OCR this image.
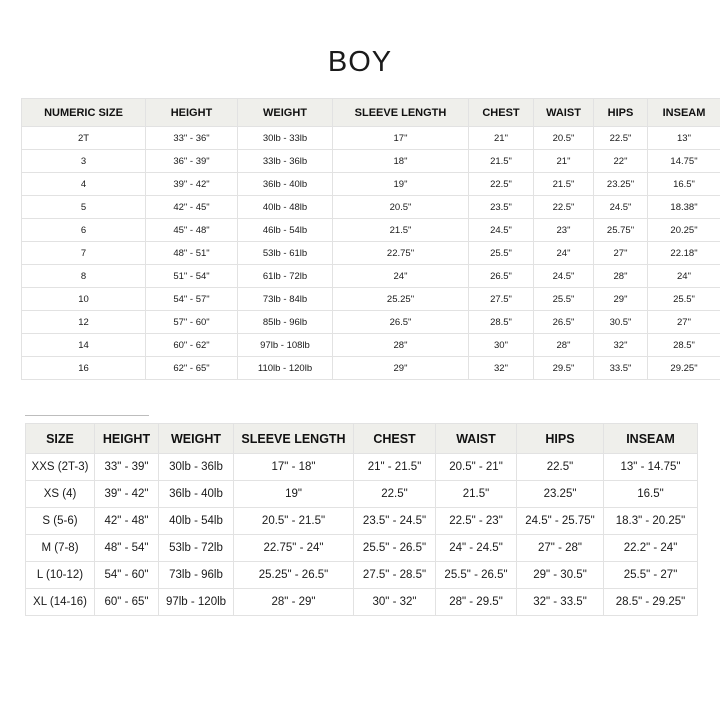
BOY
NUMERIC SIZE	HEIGHT	WEIGHT	SLEEVE LENGTH	CHEST	WAIST	HIPS	INSEAM
2T	33" - 36"	30lb - 33lb	17"	21"	20.5"	22.5"	13"
3	36" - 39"	33lb - 36lb	18"	21.5"	21"	22"	14.75"
4	39" - 42"	36lb - 40lb	19"	22.5"	21.5"	23.25"	16.5"
5	42" - 45"	40lb - 48lb	20.5"	23.5"	22.5"	24.5"	18.38"
6	45" - 48"	46lb - 54lb	21.5"	24.5"	23"	25.75"	20.25"
7	48" - 51"	53lb - 61lb	22.75"	25.5"	24"	27"	22.18"
8	51" - 54"	61lb - 72lb	24"	26.5"	24.5"	28"	24"
10	54" - 57"	73lb - 84lb	25.25"	27.5"	25.5"	29"	25.5"
12	57" - 60"	85lb - 96lb	26.5"	28.5"	26.5"	30.5"	27"
14	60" - 62"	97lb - 108lb	28"	30"	28"	32"	28.5"
16	62" - 65"	110lb - 120lb	29"	32"	29.5"	33.5"	29.25"
SIZE	HEIGHT	WEIGHT	SLEEVE LENGTH	CHEST	WAIST	HIPS	INSEAM
XXS (2T-3)	33" - 39"	30lb - 36lb	17" - 18"	21" - 21.5"	20.5" - 21"	22.5"	13" - 14.75"
XS (4)	39" - 42"	36lb - 40lb	19"	22.5"	21.5"	23.25"	16.5"
S (5-6)	42" - 48"	40lb - 54lb	20.5" - 21.5"	23.5" - 24.5"	22.5" - 23"	24.5" - 25.75"	18.3" - 20.25"
M (7-8)	48" - 54"	53lb - 72lb	22.75" - 24"	25.5" - 26.5"	24" - 24.5"	27" - 28"	22.2" - 24"
L (10-12)	54" - 60"	73lb - 96lb	25.25" - 26.5"	27.5" - 28.5"	25.5" - 26.5"	29" - 30.5"	25.5" - 27"
XL (14-16)	60" - 65"	97lb - 120lb	28" - 29"	30" - 32"	28" - 29.5"	32" - 33.5"	28.5" - 29.25"
